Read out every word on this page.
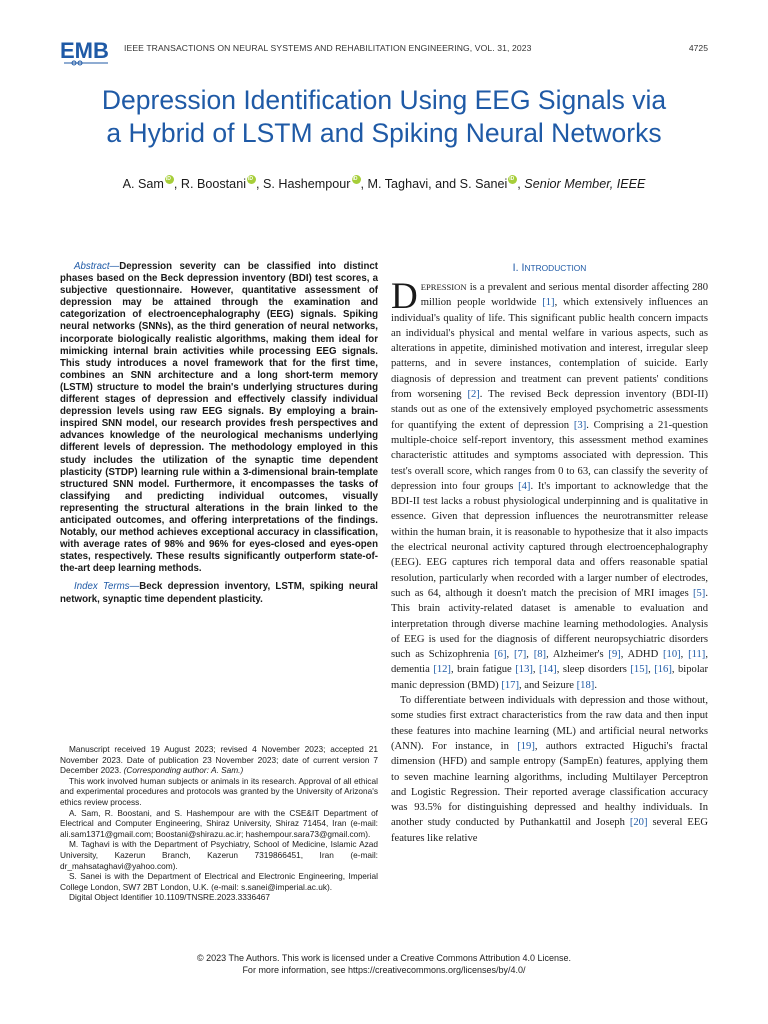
EMB IEEE TRANSACTIONS ON NEURAL SYSTEMS AND REHABILITATION ENGINEERING, VOL. 31, 2023	4725
Depression Identification Using EEG Signals via
a Hybrid of LSTM and Spiking Neural Networks
A. Sam iD , R. Boostani iD , S. Hashempour iD , M. Taghavi, and S. Sanei iD , Senior Member, IEEE

Abstract—Depression severity can be classified into distinct phases based on the Beck depression inventory (BDI) test scores, a subjective questionnaire. However, quantitative assessment of depression may be attained through the examination and categorization of electroencephalography (EEG) signals. Spiking neural networks (SNNs), as the third generation of neural networks, incorporate biologically realistic algorithms, making them ideal for mimicking internal brain activities while processing EEG signals. This study introduces a novel framework that for the first time, combines an SNN architecture and a long short-term memory (LSTM) structure to model the brain's underlying structures during different stages of depression and effectively classify individual depression levels using raw EEG signals. By employing a brain-inspired SNN model, our research provides fresh perspectives and advances knowledge of the neurological mechanisms underlying different levels of depression. The methodology employed in this study includes the utilization of the synaptic time dependent plasticity (STDP) learning rule within a 3-dimensional brain-template structured SNN model. Furthermore, it encompasses the tasks of classifying and predicting individual outcomes, visually representing the structural alterations in the brain linked to the anticipated outcomes, and offering interpretations of the findings. Notably, our method achieves exceptional accuracy in classification, with average rates of 98% and 96% for eyes-closed and eyes-open states, respectively. These results significantly outperform state-of-the-art deep learning methods.

Index Terms—Beck depression inventory, LSTM, spiking neural network, synaptic time dependent plasticity.

Manuscript received 19 August 2023; revised 4 November 2023; accepted 21 November 2023. Date of publication 23 November 2023; date of current version 7 December 2023. (Corresponding author: A. Sam.)

This work involved human subjects or animals in its research. Approval of all ethical and experimental procedures and protocols was granted by the University of Arizona's ethics review process.

A. Sam, R. Boostani, and S. Hashempour are with the CSE&IT Department of Electrical and Computer Engineering, Shiraz University, Shiraz 71454, Iran (e-mail: ali.sam1371@gmail.com; Boostani@shirazu.ac.ir; hashempour.sara73@gmail.com).

M. Taghavi is with the Department of Psychiatry, School of Medicine, Islamic Azad University, Kazerun Branch, Kazerun 7319866451, Iran (e-mail: dr_mahsataghavi@yahoo.com).

S. Sanei is with the Department of Electrical and Electronic Engineering, Imperial College London, SW7 2BT London, U.K. (e-mail: s.sanei@imperial.ac.uk).

Digital Object Identifier 10.1109/TNSRE.2023.3336467

I. INTRODUCTION

DEPRESSION is a prevalent and serious mental disorder affecting 280 million people worldwide [1], which extensively influences an individual's quality of life. This significant public health concern impacts an individual's physical and mental welfare in various aspects, such as alterations in appetite, diminished motivation and interest, irregular sleep patterns, and in severe instances, contemplation of suicide. Early diagnosis of depression and treatment can prevent patients' conditions from worsening [2]. The revised Beck depression inventory (BDI-II) stands out as one of the extensively employed psychometric assessments for quantifying the extent of depression [3]. Comprising a 21-question multiple-choice self-report inventory, this assessment method examines characteristic attitudes and symptoms associated with depression. This test's overall score, which ranges from 0 to 63, can classify the severity of depression into four groups [4]. It's important to acknowledge that the BDI-II test lacks a robust physiological underpinning and is qualitative in essence. Given that depression influences the neurotransmitter release within the human brain, it is reasonable to hypothesize that it also impacts the electrical neuronal activity captured through electroencephalography (EEG). EEG captures rich temporal data and offers reasonable spatial resolution, particularly when recorded with a larger number of electrodes, such as 64, although it doesn't match the precision of MRI images [5]. This brain activity-related dataset is amenable to evaluation and interpretation through diverse machine learning methodologies. Analysis of EEG is used for the diagnosis of different neuropsychiatric disorders such as Schizophrenia [6], [7], [8], Alzheimer's [9], ADHD [10], [11], dementia [12], brain fatigue [13], [14], sleep disorders [15], [16], bipolar manic depression (BMD) [17], and Seizure [18].

To differentiate between individuals with depression and those without, some studies first extract characteristics from the raw data and then input these features into machine learning (ML) and artificial neural networks (ANN). For instance, in [19], authors extracted Higuchi's fractal dimension (HFD) and sample entropy (SampEn) features, applying them to seven machine learning algorithms, including Multilayer Perceptron and Logistic Regression. Their reported average classification accuracy was 93.5% for distinguishing depressed and healthy individuals. In another study conducted by Puthankattil and Joseph [20] several EEG features like relative

© 2023 The Authors. This work is licensed under a Creative Commons Attribution 4.0 License.
For more information, see https://creativecommons.org/licenses/by/4.0/
